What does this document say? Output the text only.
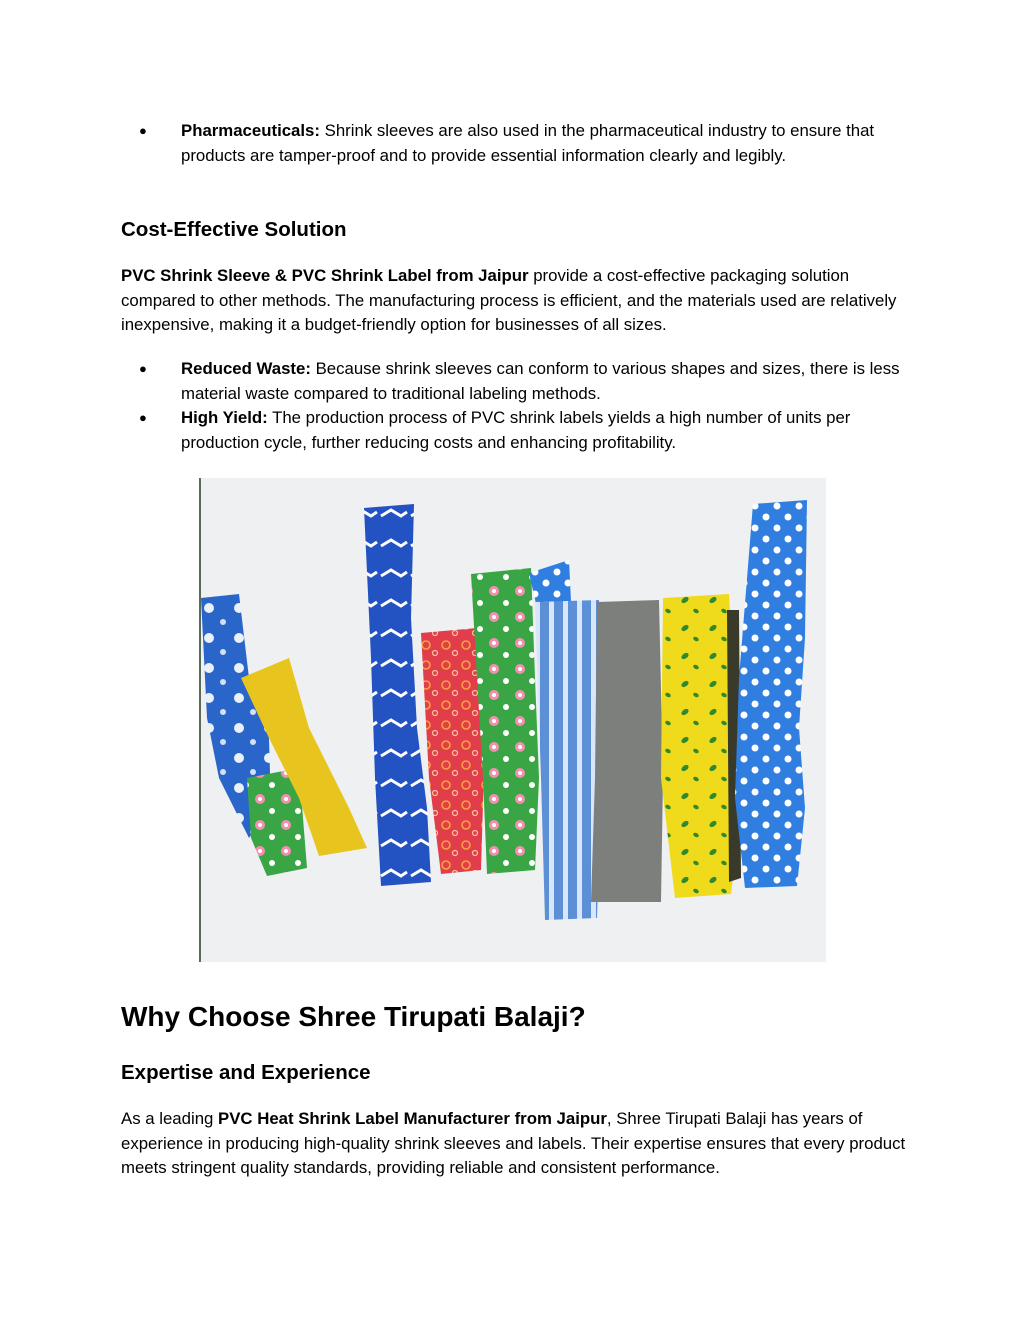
● Pharmaceuticals: Shrink sleeves are also used in the pharmaceutical industry to ensure that products are tamper-proof and to provide essential information clearly and legibly.
Cost-Effective Solution

PVC Shrink Sleeve & PVC Shrink Label from Jaipur provide a cost-effective packaging solution compared to other methods. The manufacturing process is efficient, and the materials used are relatively inexpensive, making it a budget-friendly option for businesses of all sizes.

● Reduced Waste: Because shrink sleeves can conform to various shapes and sizes, there is less material waste compared to traditional labeling methods.
● High Yield: The production process of PVC shrink labels yields a high number of units per production cycle, further reducing costs and enhancing profitability.
Why Choose Shree Tirupati Balaji?
Expertise and Experience

As a leading PVC Heat Shrink Label Manufacturer from Jaipur, Shree Tirupati Balaji has years of experience in producing high-quality shrink sleeves and labels. Their expertise ensures that every product meets stringent quality standards, providing reliable and consistent performance.
